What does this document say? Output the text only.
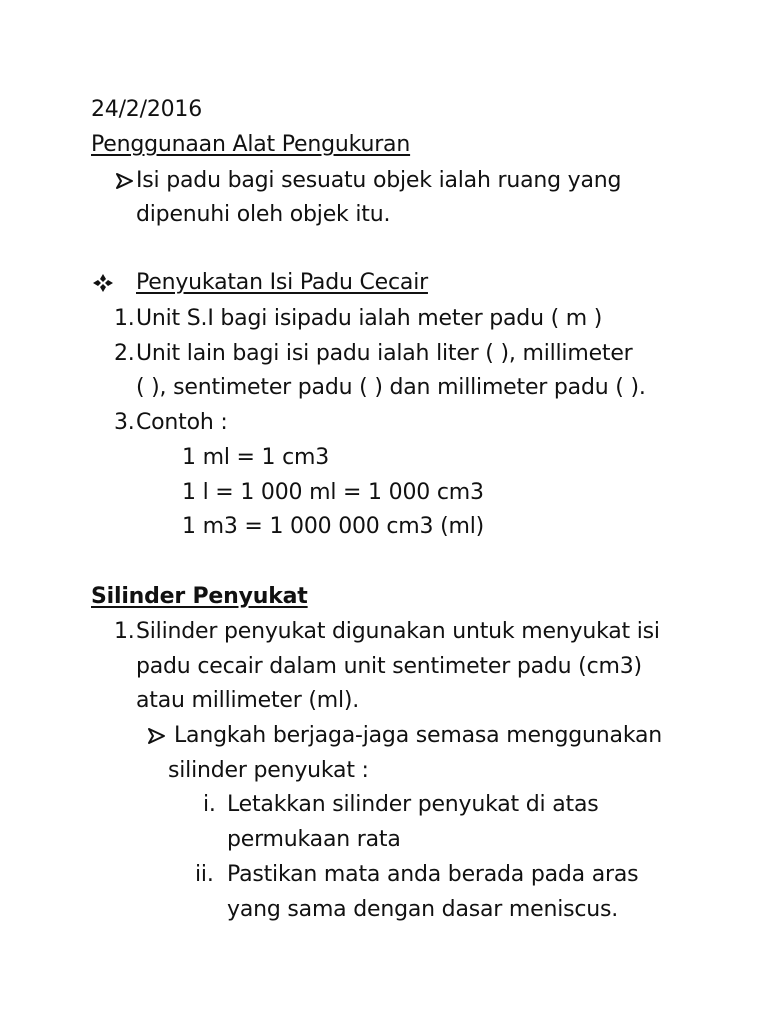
24/2/2016
Penggunaan Alat Pengukuran
Isi padu bagi sesuatu objek ialah ruang yang
dipenuhi oleh objek itu.
Penyukatan Isi Padu Cecair
1. Unit S.I bagi isipadu ialah meter padu ( m )
2. Unit lain bagi isi padu ialah liter ( ), millimeter
( ), sentimeter padu ( ) dan millimeter padu ( ).
3. Contoh :
1 ml = 1 cm3
1 l = 1 000 ml = 1 000 cm3
1 m3 = 1 000 000 cm3 (ml)
Silinder Penyukat
1. Silinder penyukat digunakan untuk menyukat isi
padu cecair dalam unit sentimeter padu (cm3)
atau millimeter (ml).
Langkah berjaga-jaga semasa menggunakan
silinder penyukat :
i. Letakkan silinder penyukat di atas
permukaan rata
ii. Pastikan mata anda berada pada aras
yang sama dengan dasar meniscus.
